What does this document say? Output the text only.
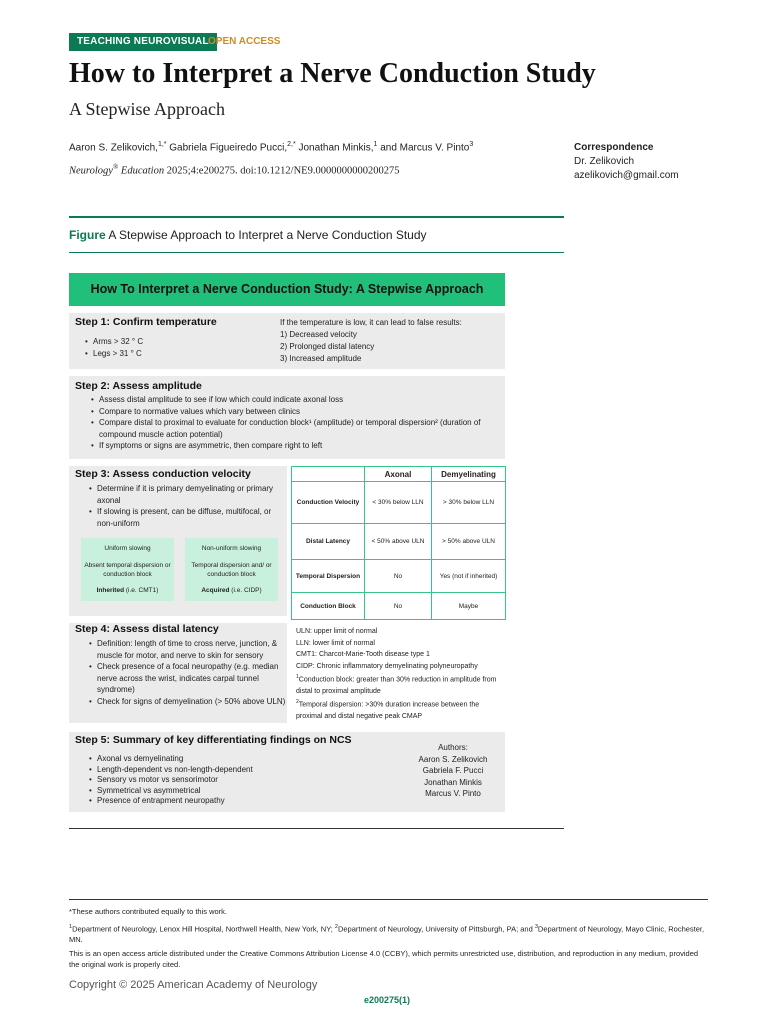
TEACHING NEUROVISUAL OPEN ACCESS
How to Interpret a Nerve Conduction Study
A Stepwise Approach
Aaron S. Zelikovich,$^{1,*}$ Gabriela Figueiredo Pucci,$^{2,*}$ Jonathan Minkis,$^1$ and Marcus V. Pinto$^3$
Neurology® Education 2025;4:e200275. doi:10.1212/NE9.0000000000200275
Correspondence
Dr. Zelikovich
azelikovich@gmail.com
Figure A Stepwise Approach to Interpret a Nerve Conduction Study
How To Interpret a Nerve Conduction Study: A Stepwise Approach
Step 1: Confirm temperature
• Arms > 32 ° C
• Legs > 31 ° C
If the temperature is low, it can lead to false results:
1) Decreased velocity
2) Prolonged distal latency
3) Increased amplitude
Step 2: Assess amplitude
• Assess distal amplitude to see if low which could indicate axonal loss
• Compare to normative values which vary between clinics
• Compare distal to proximal to evaluate for conduction block¹ (amplitude) or temporal dispersion² (duration of compound muscle action potential)
• If symptoms or signs are asymmetric, then compare right to left
Step 3: Assess conduction velocity
• Determine if it is primary demyelinating or primary axonal
• If slowing is present, can be diffuse, multifocal, or non-uniform
Uniform slowing
Absent temporal dispersion or conduction block
Inherited (i.e. CMT1)
Non-uniform slowing
Temporal dispersion and/ or conduction block
Acquired (i.e. CIDP)
	Axonal	Demyelinating
Conduction Velocity	< 30% below LLN	> 30% below LLN
Distal Latency	< 50% above ULN	> 50% above ULN
Temporal Dispersion	No	Yes (not if inherited)
Conduction Block	No	Maybe
Step 4: Assess distal latency
• Definition: length of time to cross nerve, junction, & muscle for motor, and nerve to skin for sensory
• Check presence of a focal neuropathy (e.g. median nerve across the wrist, indicates carpal tunnel syndrome)
• Check for signs of demyelination (> 50% above ULN)
ULN: upper limit of normal
LLN: lower limit of normal
CMT1: Charcot-Marie-Tooth disease type 1
CIDP: Chronic inflammatory demyelinating polyneuropathy
$^1$Conduction block: greater than 30% reduction in amplitude from distal to proximal amplitude
$^2$Temporal dispersion: >30% duration increase between the proximal and distal negative peak CMAP
Step 5: Summary of key differentiating findings on NCS
• Axonal vs demyelinating
• Length-dependent vs non-length-dependent
• Sensory vs motor vs sensorimotor
• Symmetrical vs asymmetrical
• Presence of entrapment neuropathy
Authors:
Aaron S. Zelikovich
Gabriela F. Pucci
Jonathan Minkis
Marcus V. Pinto
*These authors contributed equally to this work.
$^1$Department of Neurology, Lenox Hill Hospital, Northwell Health, New York, NY; $^2$Department of Neurology, University of Pittsburgh, PA; and $^3$Department of Neurology, Mayo Clinic, Rochester, MN.
This is an open access article distributed under the Creative Commons Attribution License 4.0 (CCBY), which permits unrestricted use, distribution, and reproduction in any medium, provided the original work is properly cited.
Copyright © 2025 American Academy of Neurology
e200275(1)
